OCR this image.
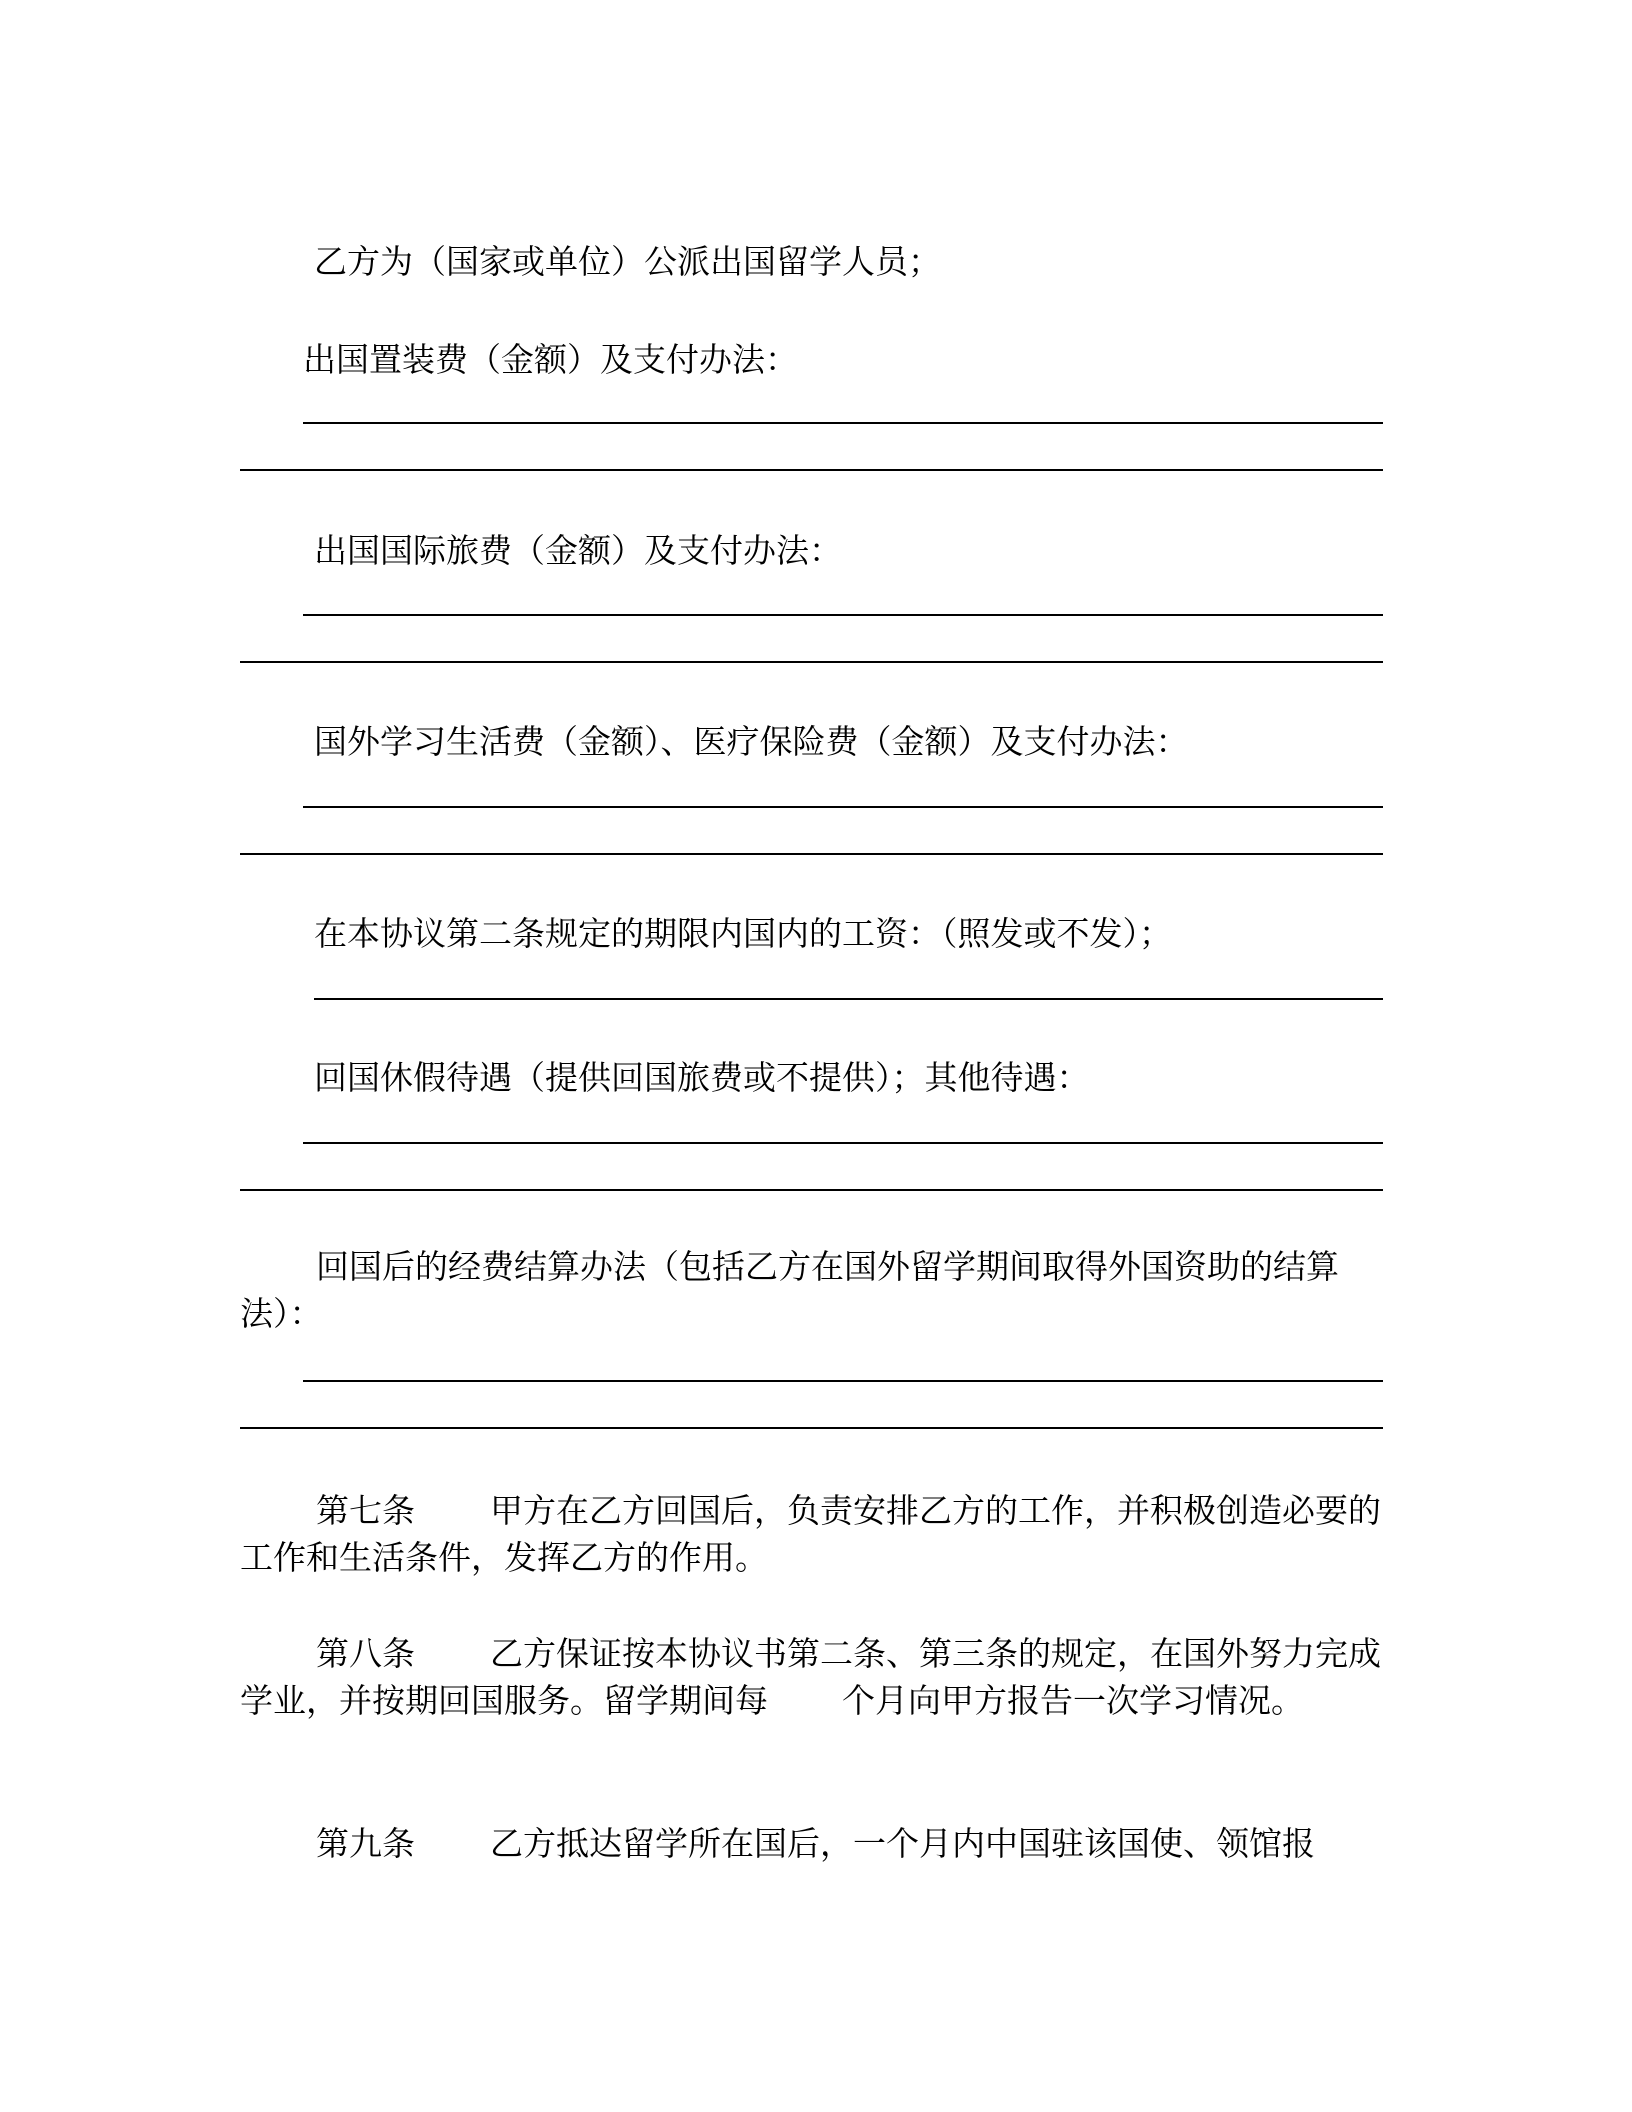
乙方为（国家或单位）公派出国留学人员；
出国置装费（金额）及支付办法：
出国国际旅费（金额）及支付办法：
国外学习生活费（金额）、医疗保险费（金额）及支付办法：
在本协议第二条规定的期限内国内的工资：（照发或不发）；
回国休假待遇（提供回国旅费或不提供）；其他待遇：
回国后的经费结算办法（包括乙方在国外留学期间取得外国资助的结算法）：
第七条 甲方在乙方回国后，负责安排乙方的工作，并积极创造必要的工作和生活条件，发挥乙方的作用。
第八条 乙方保证按本协议书第二条、第三条的规定，在国外努力完成学业，并按期回国服务。留学期间每 个月向甲方报告一次学习情况。
第九条 乙方抵达留学所在国后，一个月内中国驻该国使、领馆报
